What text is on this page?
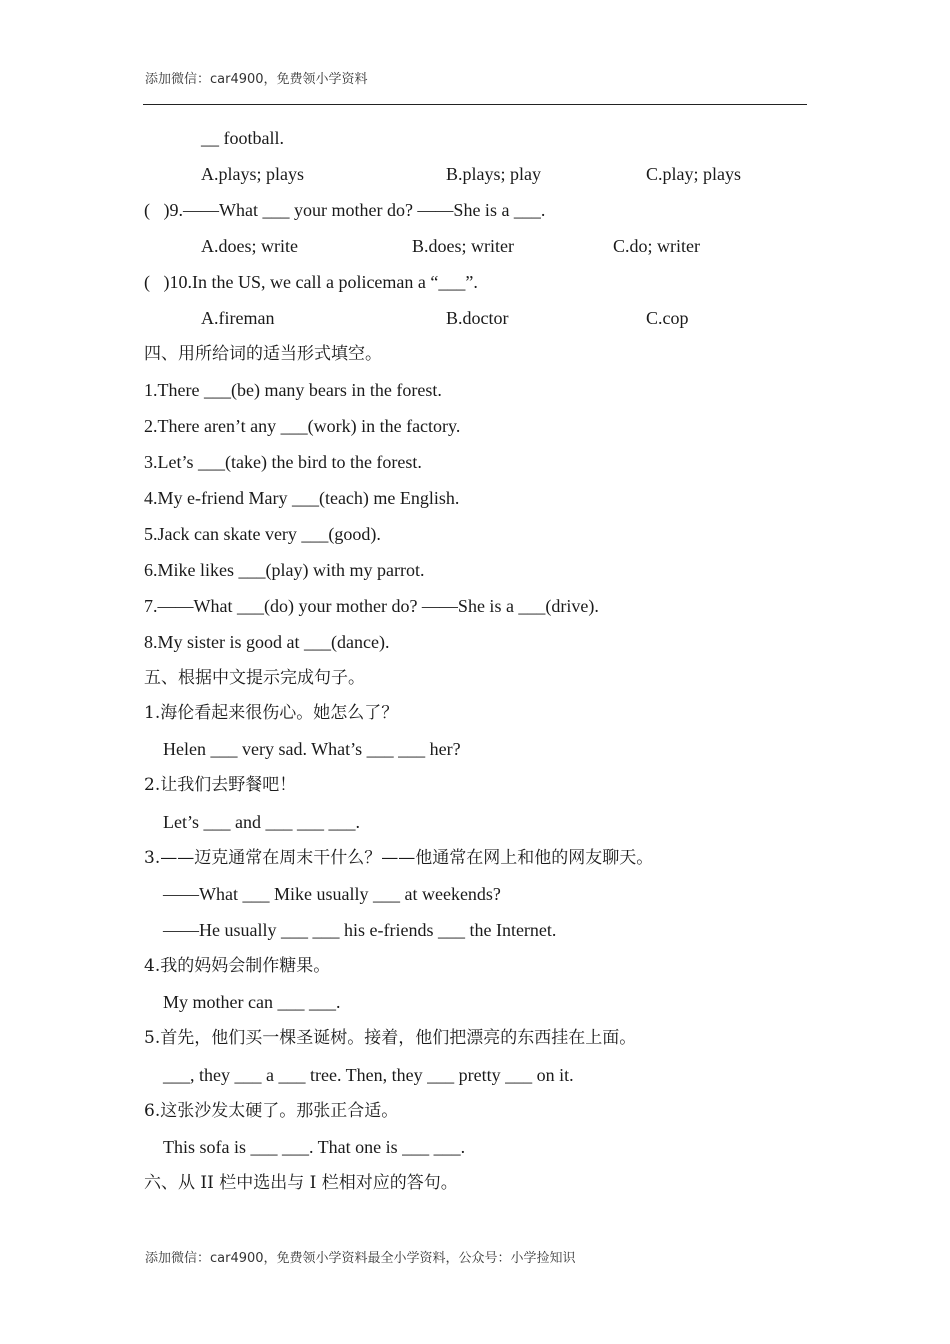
添加微信：car4900，免费领小学资料
__ football.
A.plays; plays	B.plays; play	C.play; plays
(   )9.——What ___ your mother do? ——She is a ___.
A.does; write	B.does; writer	C.do; writer
(   )10.In the US, we call a policeman a “___”.
A.fireman	B.doctor	C.cop
四、用所给词的适当形式填空。
1.There ___(be) many bears in the forest.
2.There aren’t any ___(work) in the factory.
3.Let’s ___(take) the bird to the forest.
4.My e-friend Mary ___(teach) me English.
5.Jack can skate very ___(good).
6.Mike likes ___(play) with my parrot.
7.——What ___(do) your mother do? ——She is a ___(drive).
8.My sister is good at ___(dance).
五、根据中文提示完成句子。
1.海伦看起来很伤心。她怎么了？
Helen ___ very sad. What’s ___ ___ her?
2.让我们去野餐吧！
Let’s ___ and ___ ___ ___.
3.——迈克通常在周末干什么？——他通常在网上和他的网友聊天。
——What ___ Mike usually ___ at weekends?
——He usually ___ ___ his e-friends ___ the Internet.
4.我的妈妈会制作糖果。
My mother can ___ ___.
5.首先，他们买一棵圣诞树。接着，他们把漂亮的东西挂在上面。
___, they ___ a ___ tree. Then, they ___ pretty ___ on it.
6.这张沙发太硬了。那张正合适。
This sofa is ___ ___. That one is ___ ___.
六、从 II 栏中选出与 I 栏相对应的答句。
添加微信：car4900，免费领小学资料最全小学资料，公众号：小学捡知识
